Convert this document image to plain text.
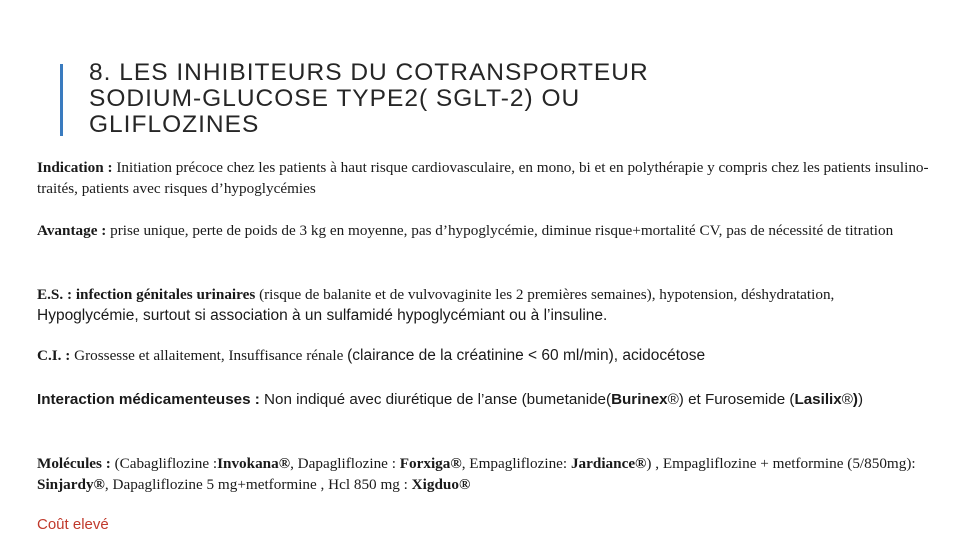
8. LES INHIBITEURS DU COTRANSPORTEUR
SODIUM-GLUCOSE TYPE2( SGLT-2) OU
GLIFLOZINES

Indication : Initiation précoce chez les patients à haut risque cardiovasculaire, en mono, bi et en polythérapie y compris chez les patients insulino-traités, patients avec risques d’hypoglycémies

Avantage : prise unique, perte de poids de 3 kg en moyenne, pas d’hypoglycémie, diminue risque+mortalité CV, pas de nécessité de titration

E.S. : infection génitales urinaires (risque de balanite et de vulvovaginite les 2 premières semaines), hypotension, déshydratation, Hypoglycémie, surtout si association à un sulfamidé hypoglycémiant ou à l’insuline.

C.I. : Grossesse et allaitement, Insuffisance rénale (clairance de la créatinine < 60 ml/min), acidocétose

Interaction médicamenteuses : Non indiqué avec diurétique de l’anse (bumetanide(Burinex®) et Furosemide (Lasilix®))

Molécules : (Cabagliflozine :Invokana®, Dapagliflozine : Forxiga®, Empagliflozine: Jardiance®) , Empagliflozine + metformine (5/850mg): Sinjardy®, Dapagliflozine 5 mg+metformine , Hcl 850 mg : Xigduo®

Coût elevé
